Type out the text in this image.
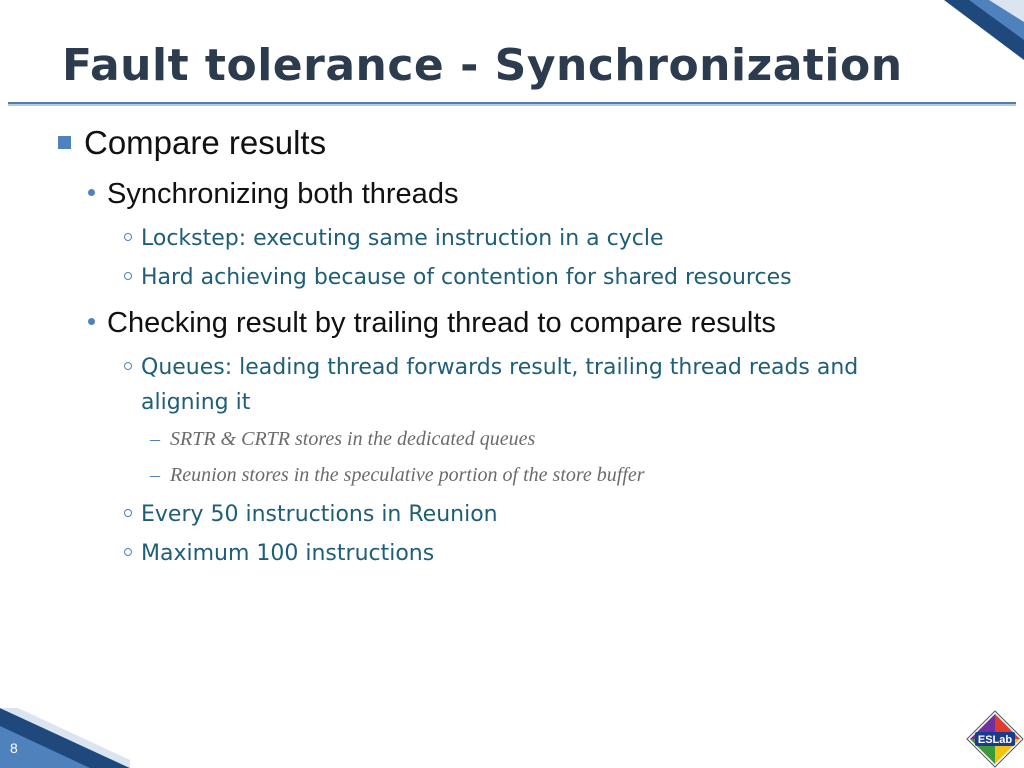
Fault tolerance - Synchronization
Compare results
Synchronizing both threads
Lockstep: executing same instruction in a cycle
Hard achieving because of contention for shared resources
Checking result by trailing thread to compare results
Queues: leading thread forwards result, trailing thread reads and aligning it
– SRTR & CRTR stores in the dedicated queues
– Reunion stores in the speculative portion of the store buffer
Every 50 instructions in Reunion
Maximum 100 instructions
8	ESLab
